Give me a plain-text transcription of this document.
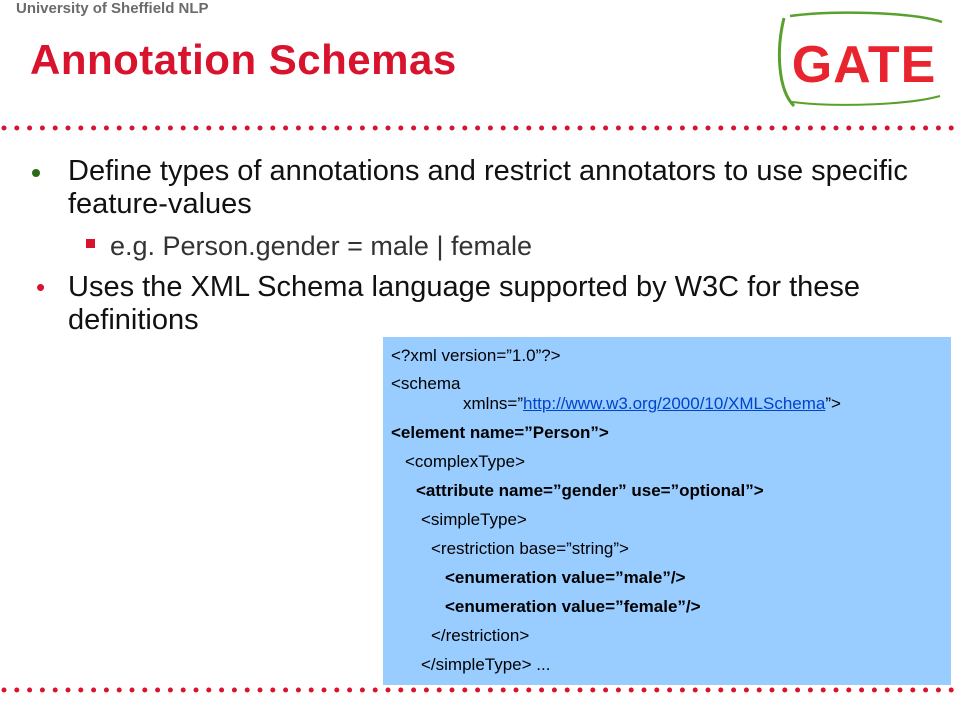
University of Sheffield NLP
Annotation Schemas	GATE
Define types of annotations and restrict annotators to use specific feature-values
e.g. Person.gender = male | female
• Uses the XML Schema language supported by W3C for these definitions
<?xml version=”1.0”?>
<schema
xmlns=”http://www.w3.org/2000/10/XMLSchema”>
<element name=”Person”>
<complexType>
<attribute name=”gender” use=”optional”>
<simpleType>
<restriction base=”string”>
<enumeration value=”male”/>
<enumeration value=”female”/>
</restriction>
</simpleType> ...
